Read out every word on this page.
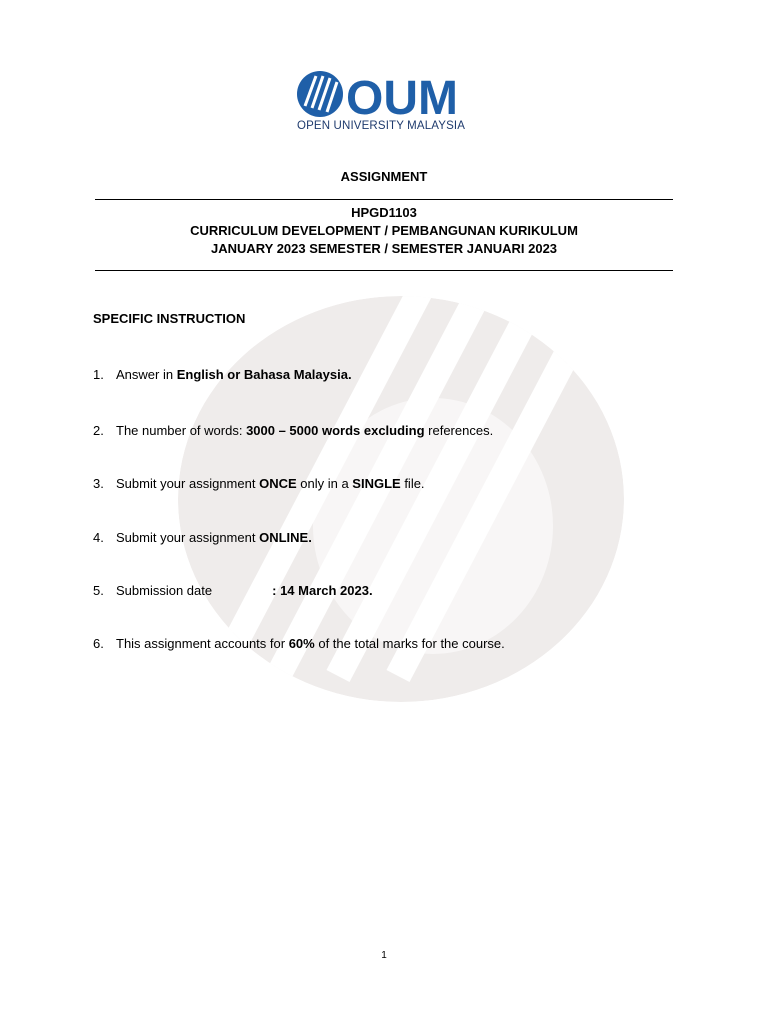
OUM
OPEN UNIVERSITY MALAYSIA
ASSIGNMENT
HPGD1103
CURRICULUM DEVELOPMENT / PEMBANGUNAN KURIKULUM
JANUARY 2023 SEMESTER / SEMESTER JANUARI 2023
SPECIFIC INSTRUCTION
1. Answer in English or Bahasa Malaysia.
2. The number of words: 3000 – 5000 words excluding references.
3. Submit your assignment ONCE only in a SINGLE file.
4. Submit your assignment ONLINE.
5. Submission date	: 14 March 2023.
6. This assignment accounts for 60% of the total marks for the course.
1
